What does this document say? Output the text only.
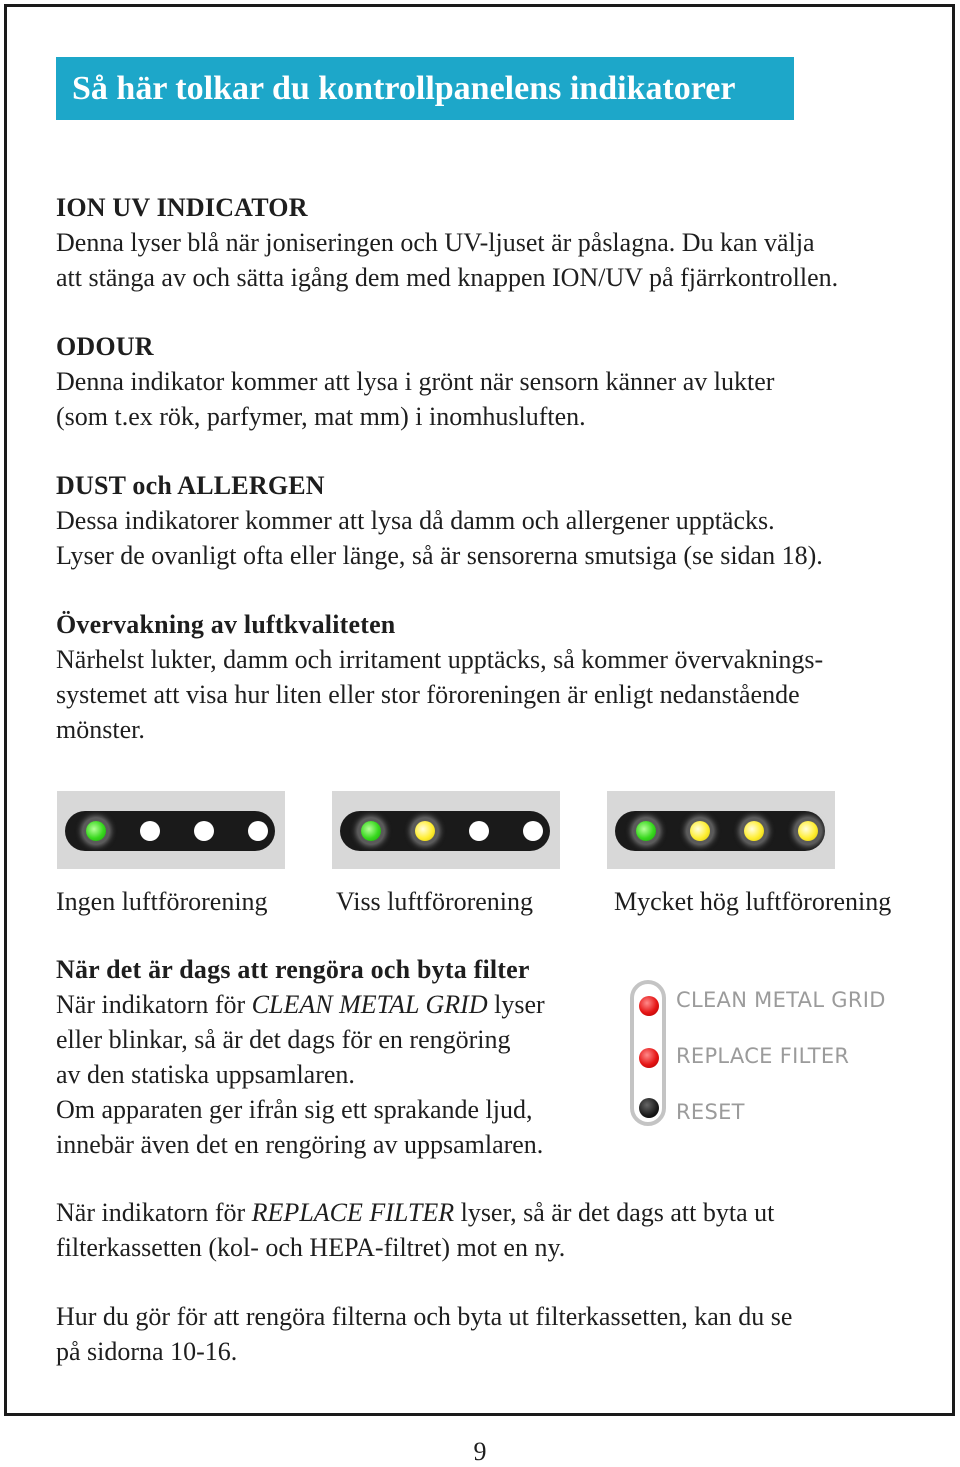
Så här tolkar du kontrollpanelens indikatorer
ION UV INDICATOR
Denna lyser blå när joniseringen och UV-ljuset är påslagna. Du kan välja
att stänga av och sätta igång dem med knappen ION/UV på fjärrkontrollen.
ODOUR
Denna indikator kommer att lysa i grönt när sensorn känner av lukter
(som t.ex rök, parfymer, mat mm) i inomhusluften.
DUST och ALLERGEN
Dessa indikatorer kommer att lysa då damm och allergener upptäcks.
Lyser de ovanligt ofta eller länge, så är sensorerna smutsiga (se sidan 18).
Övervakning av luftkvaliteten
Närhelst lukter, damm och irritament upptäcks, så kommer övervaknings-
systemet att visa hur liten eller stor föroreningen är enligt nedanstående
mönster.
Ingen luftförorening	Viss luftförorening	Mycket hög luftförorening
När det är dags att rengöra och byta filter
När indikatorn för CLEAN METAL GRID lyser
eller blinkar, så är det dags för en rengöring
av den statiska uppsamlaren.
Om apparaten ger ifrån sig ett sprakande ljud,
innebär även det en rengöring av uppsamlaren.
CLEAN METAL GRID
REPLACE FILTER
RESET
När indikatorn för REPLACE FILTER lyser, så är det dags att byta ut
filterkassetten (kol- och HEPA-filtret) mot en ny.
Hur du gör för att rengöra filterna och byta ut filterkassetten, kan du se
på sidorna 10-16.
9
